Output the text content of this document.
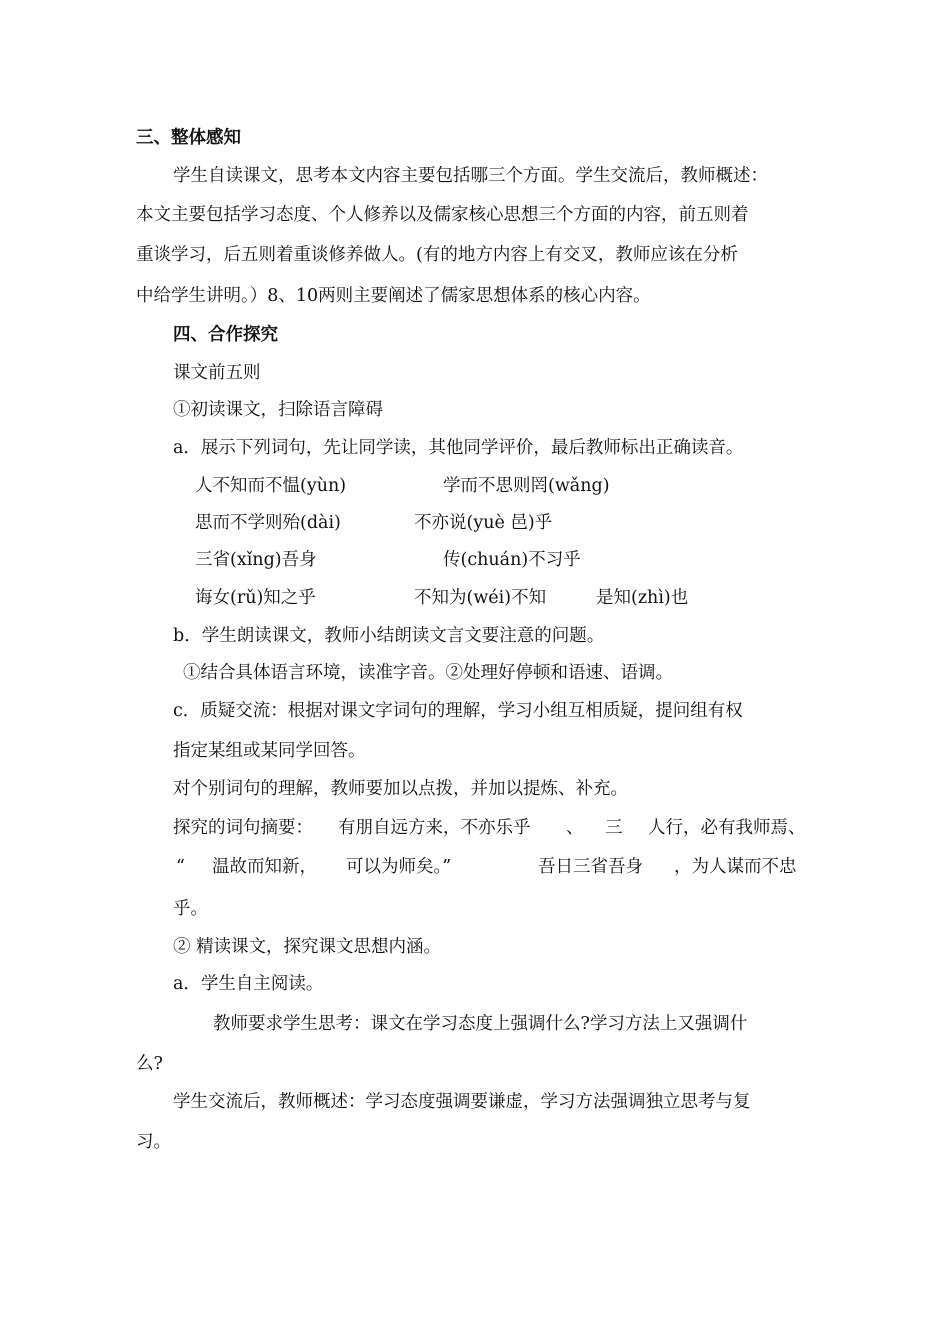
三、整体感知
学生自读课文，思考本文内容主要包括哪三个方面。学生交流后，教师概述：
本文主要包括学习态度、个人修养以及儒家核心思想三个方面的内容，前五则着
重谈学习，后五则着重谈修养做人。(有的地方内容上有交叉，教师应该在分析
中给学生讲明。）8、10两则主要阐述了儒家思想体系的核心内容。
四、合作探究
课文前五则
①初读课文，扫除语言障碍
a．展示下列词句，先让同学读，其他同学评价，最后教师标出正确读音。
人不知而不愠(yùn)	学而不思则罔(wǎng)
思而不学则殆(dài)	不亦说(yuè 邑)乎
三省(xǐng)吾身	传(chuán)不习乎
诲女(rǔ)知之乎	不知为(wéi)不知	是知(zhì)也
b．学生朗读课文，教师小结朗读文言文要注意的问题。
①结合具体语言环境，读准字音。②处理好停顿和语速、语调。
c．质疑交流：根据对课文字词句的理解，学习小组互相质疑，提问组有权
指定某组或某同学回答。
对个别词句的理解，教师要加以点拨，并加以提炼、补充。
探究的词句摘要： 有朋自远方来，不亦乐乎 、 三 人行，必有我师焉、
“ 温故而知新， 可以为师矣。”	吾日三省吾身 ，为人谋而不忠
乎。
② 精读课文，探究课文思想内涵。
a．学生自主阅读。
教师要求学生思考：课文在学习态度上强调什么?学习方法上又强调什
么?
学生交流后，教师概述：学习态度强调要谦虚，学习方法强调独立思考与复
习。
